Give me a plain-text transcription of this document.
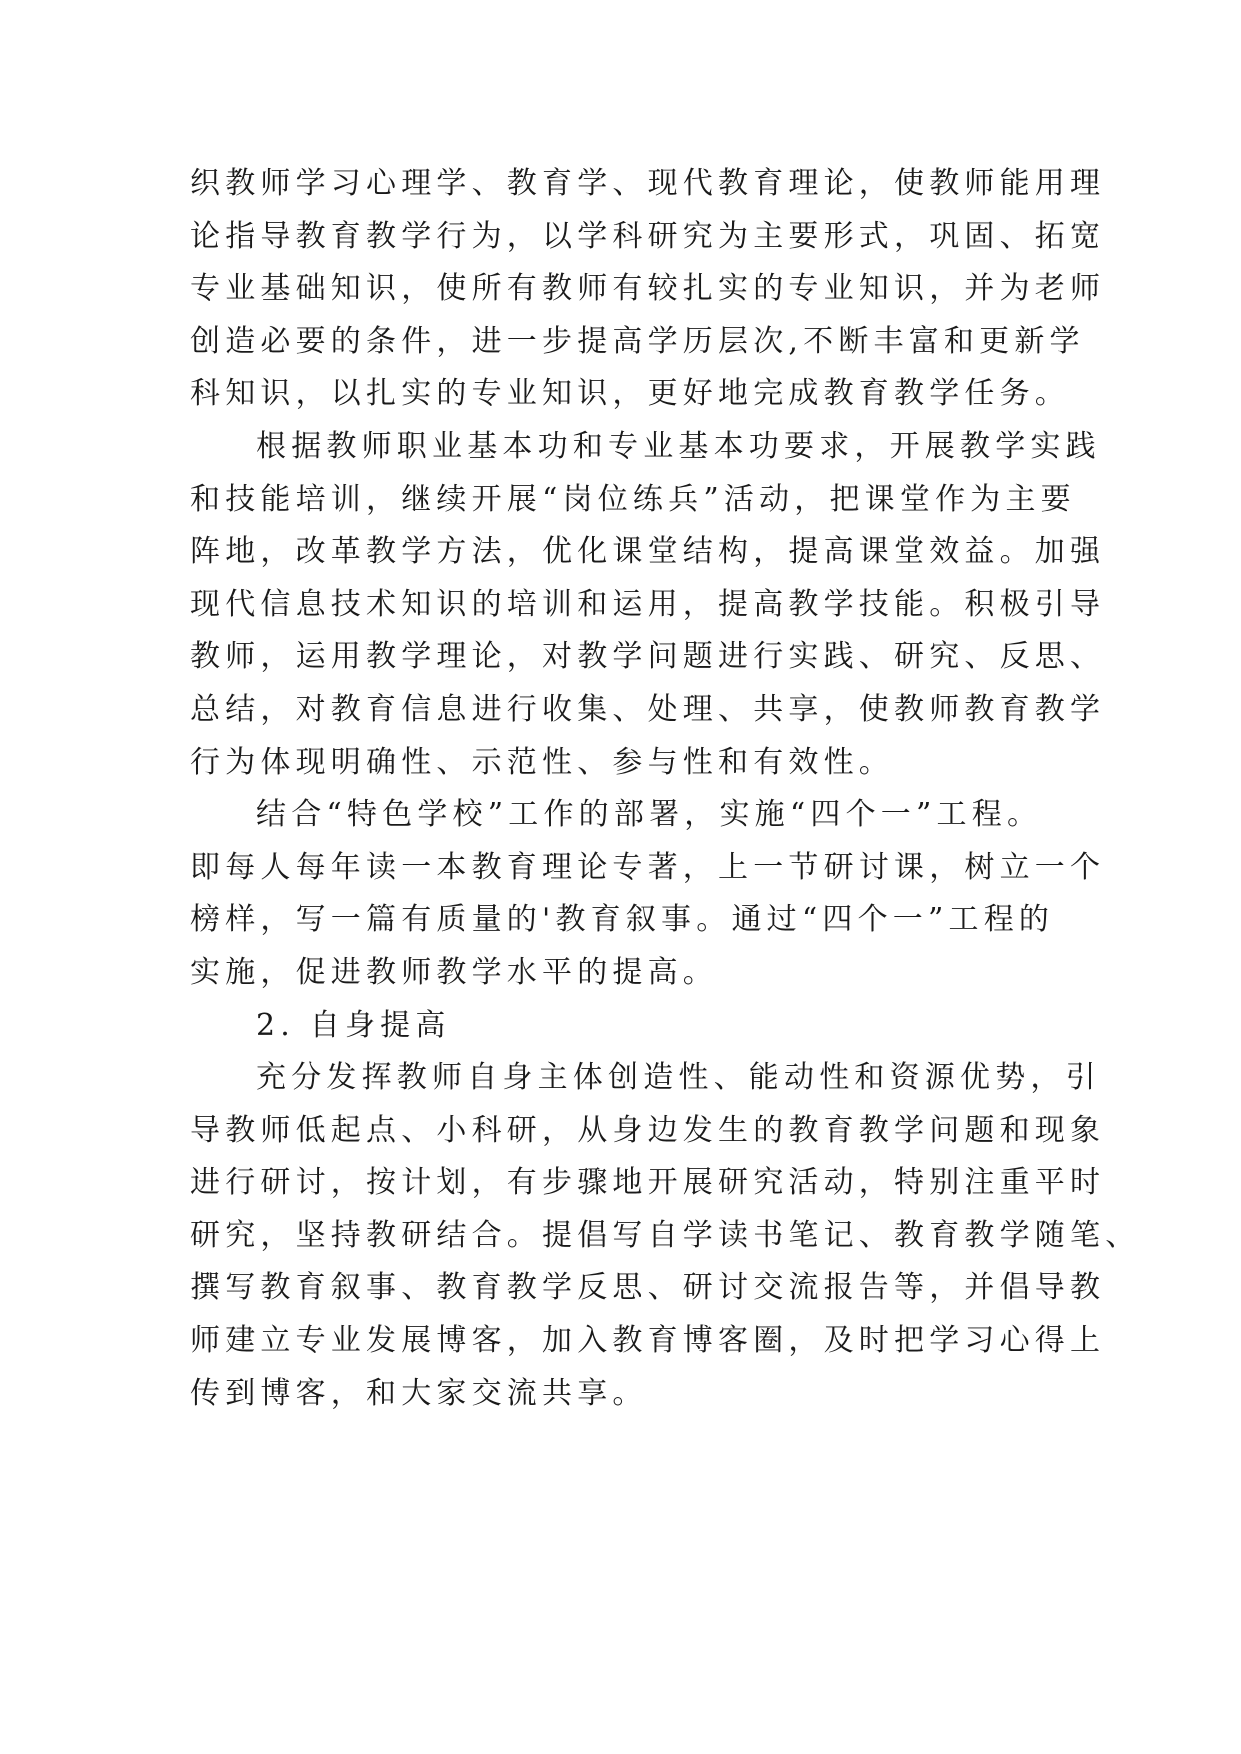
织教师学习心理学、教育学、现代教育理论，使教师能用理
论指导教育教学行为，以学科研究为主要形式，巩固、拓宽
专业基础知识，使所有教师有较扎实的专业知识，并为老师
创造必要的条件，进一步提高学历层次,不断丰富和更新学
科知识，以扎实的专业知识，更好地完成教育教学任务。
根据教师职业基本功和专业基本功要求，开展教学实践
和技能培训，继续开展“岗位练兵”活动，把课堂作为主要
阵地，改革教学方法，优化课堂结构，提高课堂效益。加强
现代信息技术知识的培训和运用，提高教学技能。积极引导
教师，运用教学理论，对教学问题进行实践、研究、反思、
总结，对教育信息进行收集、处理、共享，使教师教育教学
行为体现明确性、示范性、参与性和有效性。
结合“特色学校”工作的部署，实施“四个一”工程。
即每人每年读一本教育理论专著，上一节研讨课，树立一个
榜样，写一篇有质量的'教育叙事。通过“四个一”工程的
实施，促进教师教学水平的提高。
2. 自身提高
充分发挥教师自身主体创造性、能动性和资源优势，引
导教师低起点、小科研，从身边发生的教育教学问题和现象
进行研讨，按计划，有步骤地开展研究活动，特别注重平时
研究，坚持教研结合。提倡写自学读书笔记、教育教学随笔、
撰写教育叙事、教育教学反思、研讨交流报告等，并倡导教
师建立专业发展博客，加入教育博客圈，及时把学习心得上
传到博客，和大家交流共享。
